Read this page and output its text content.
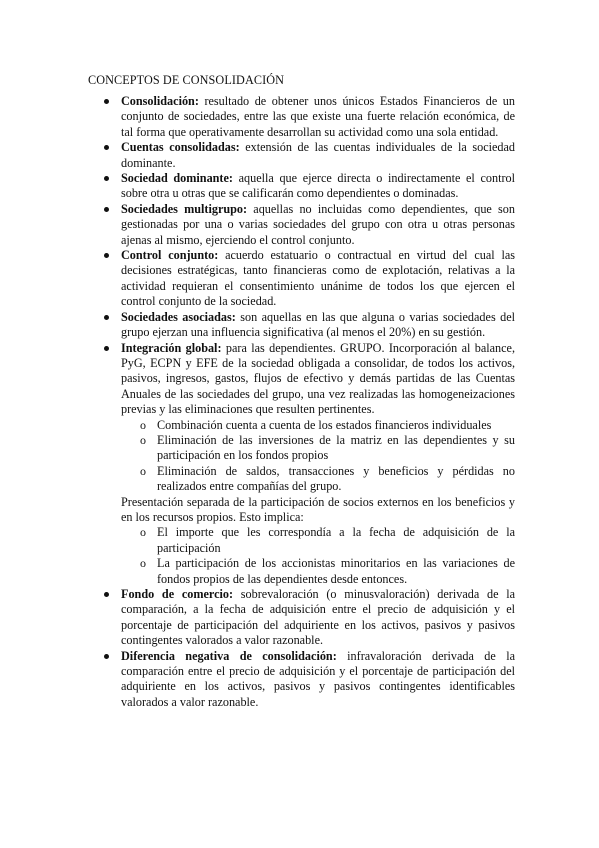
CONCEPTOS DE CONSOLIDACIÓN
Consolidación: resultado de obtener unos únicos Estados Financieros de un conjunto de sociedades, entre las que existe una fuerte relación económica, de tal forma que operativamente desarrollan su actividad como una sola entidad.
Cuentas consolidadas: extensión de las cuentas individuales de la sociedad dominante.
Sociedad dominante: aquella que ejerce directa o indirectamente el control sobre otra u otras que se calificarán como dependientes o dominadas.
Sociedades multigrupo: aquellas no incluidas como dependientes, que son gestionadas por una o varias sociedades del grupo con otra u otras personas ajenas al mismo, ejerciendo el control conjunto.
Control conjunto: acuerdo estatuario o contractual en virtud del cual las decisiones estratégicas, tanto financieras como de explotación, relativas a la actividad requieran el consentimiento unánime de todos los que ejercen el control conjunto de la sociedad.
Sociedades asociadas: son aquellas en las que alguna o varias sociedades del grupo ejerzan una influencia significativa (al menos el 20%) en su gestión.
Integración global: para las dependientes. GRUPO. Incorporación al balance, PyG, ECPN y EFE de la sociedad obligada a consolidar, de todos los activos, pasivos, ingresos, gastos, flujos de efectivo y demás partidas de las Cuentas Anuales de las sociedades del grupo, una vez realizadas las homogeneizaciones previas y las eliminaciones que resulten pertinentes.
o Combinación cuenta a cuenta de los estados financieros individuales
o Eliminación de las inversiones de la matriz en las dependientes y su participación en los fondos propios
o Eliminación de saldos, transacciones y beneficios y pérdidas no realizados entre compañías del grupo.
Presentación separada de la participación de socios externos en los beneficios y en los recursos propios. Esto implica:
o El importe que les correspondía a la fecha de adquisición de la participación
o La participación de los accionistas minoritarios en las variaciones de fondos propios de las dependientes desde entonces.
Fondo de comercio: sobrevaloración (o minusvaloración) derivada de la comparación, a la fecha de adquisición entre el precio de adquisición y el porcentaje de participación del adquiriente en los activos, pasivos y pasivos contingentes valorados a valor razonable.
Diferencia negativa de consolidación: infravaloración derivada de la comparación entre el precio de adquisición y el porcentaje de participación del adquiriente en los activos, pasivos y pasivos contingentes identificables valorados a valor razonable.
